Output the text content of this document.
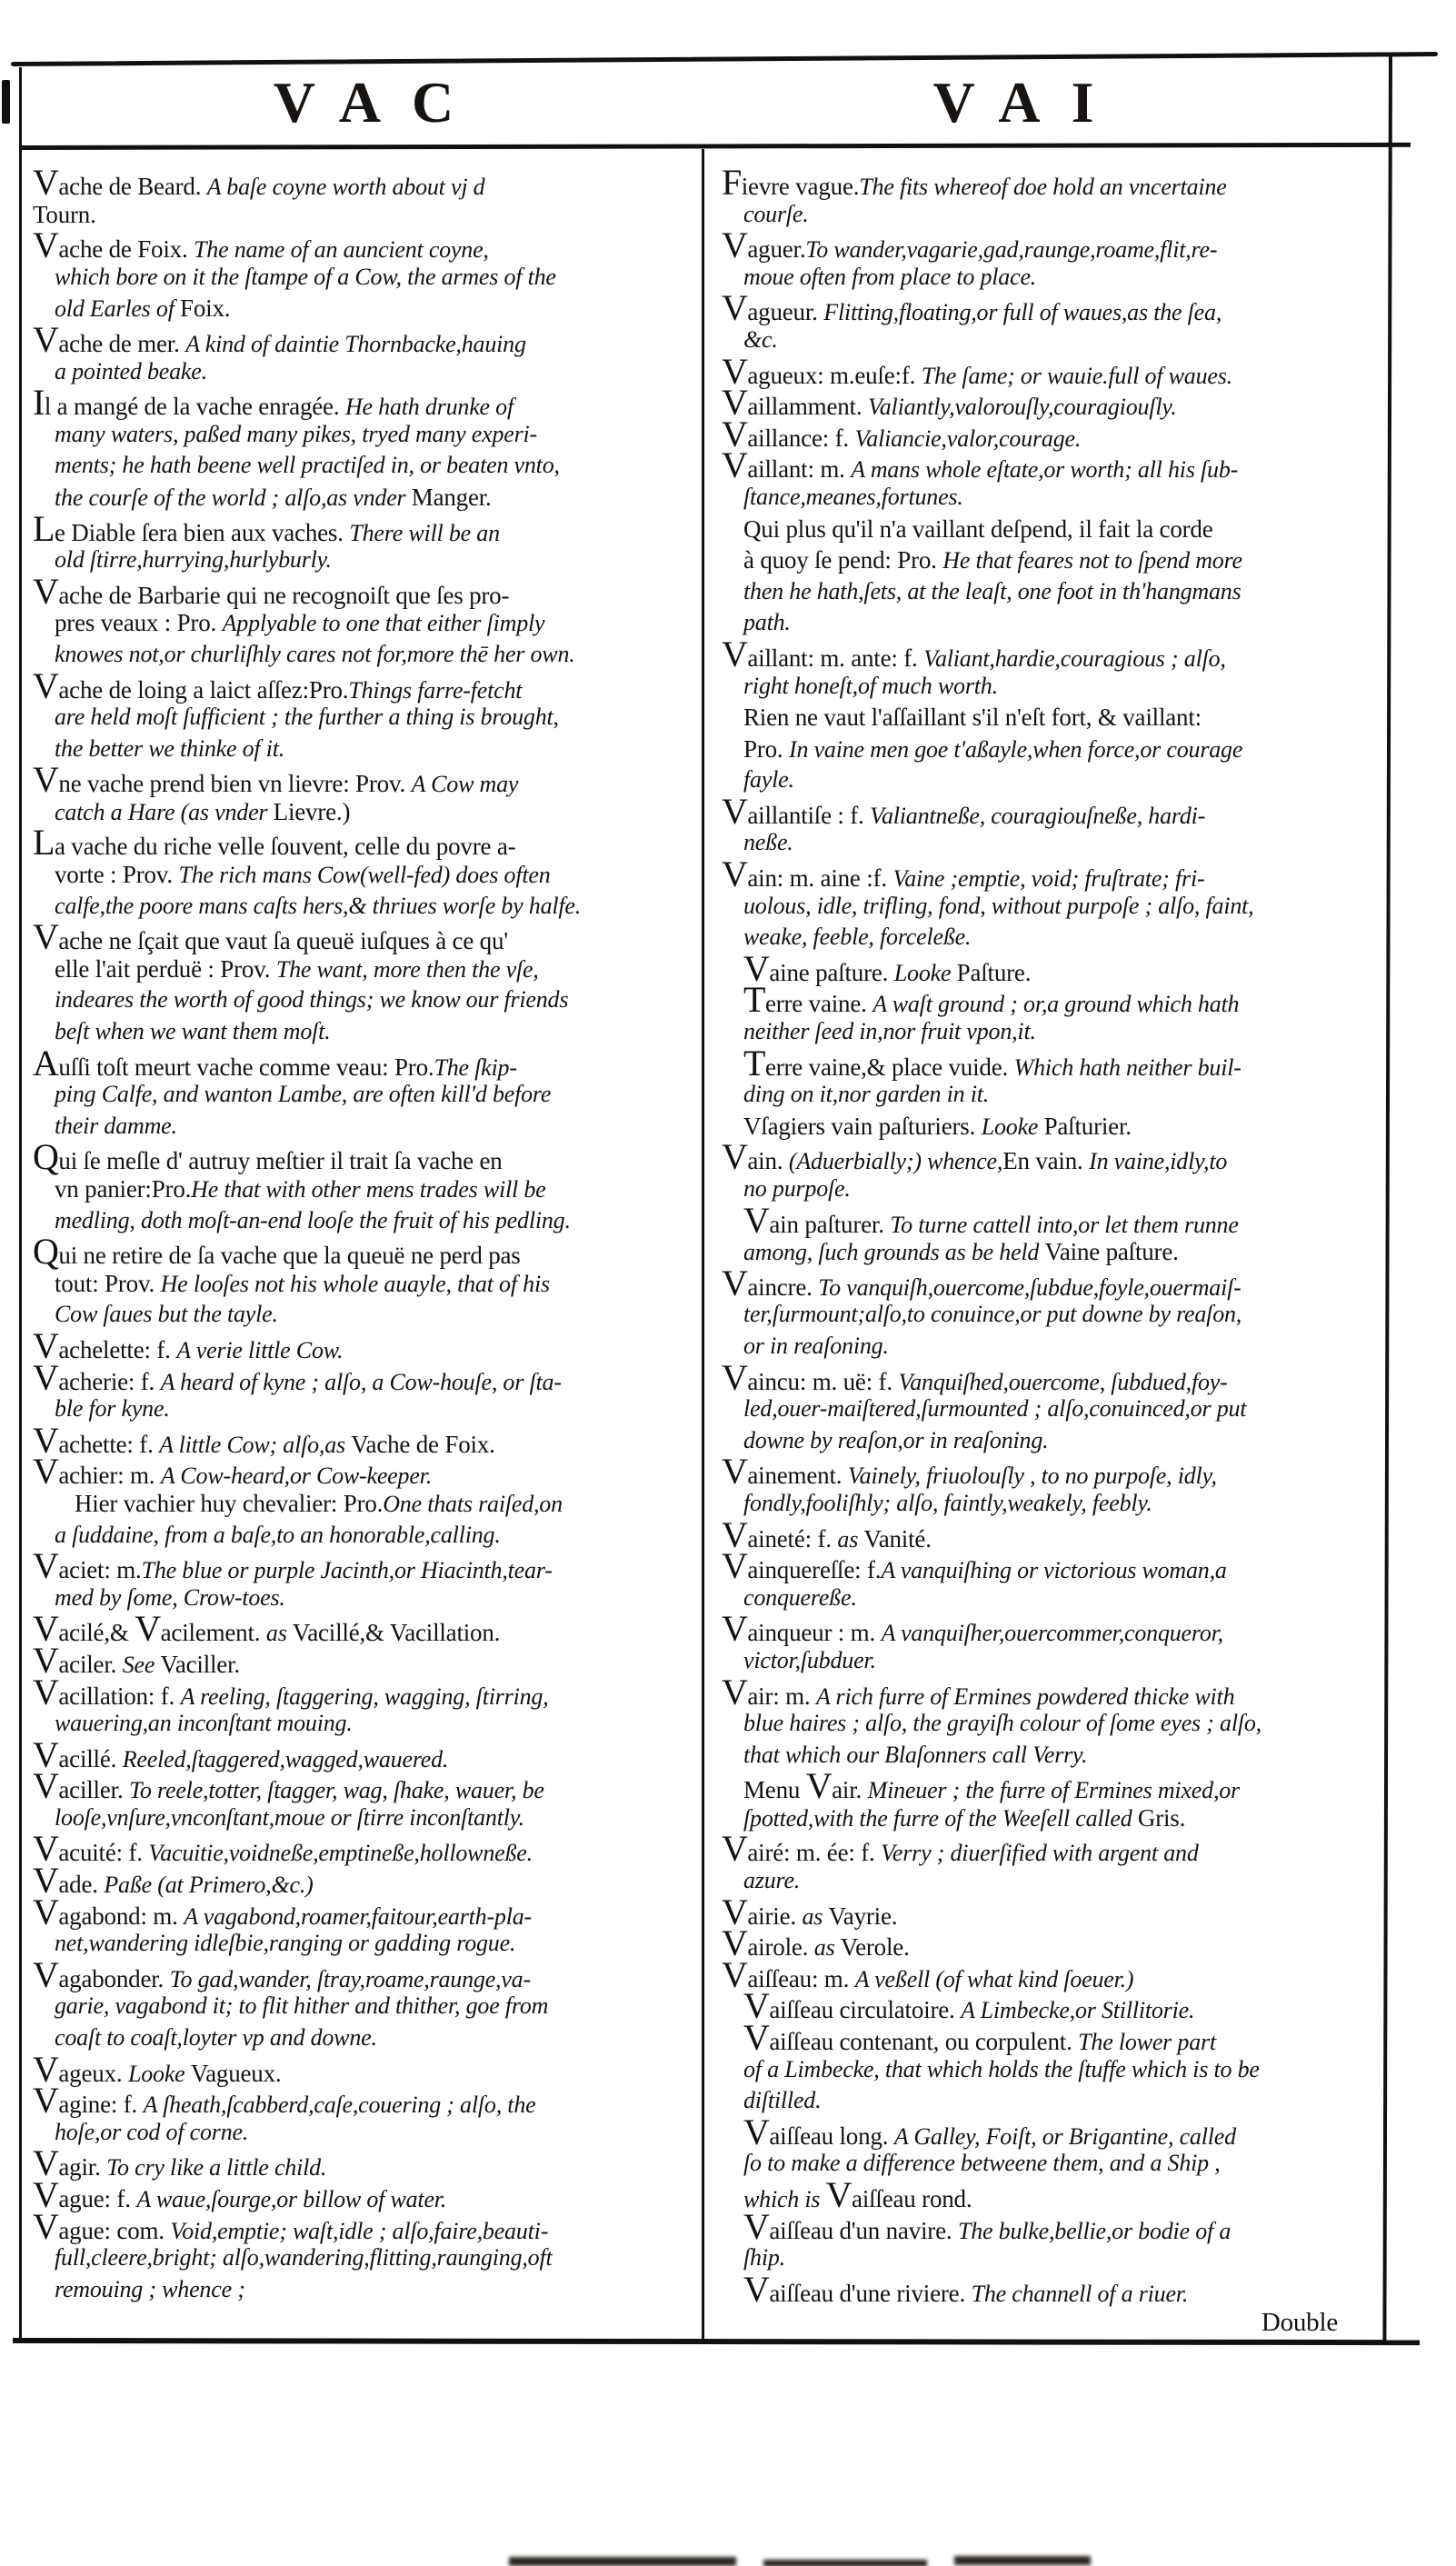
VAC	VAI
Vache de Beard. A baſe coyne worth about vj d
Tourn.
Vache de Foix. The name of an auncient coyne,
which bore on it the ſtampe of a Cow, the armes of the
old Earles of Foix.
Vache de mer. A kind of daintie Thornbacke,hauing
a pointed beake.
Il a mangé de la vache enragée. He hath drunke of
many waters, paßed many pikes, tryed many experi-
ments; he hath beene well practiſed in, or beaten vnto,
the courſe of the world ; alſo,as vnder Manger.
Le Diable ſera bien aux vaches. There will be an
old ſtirre,hurrying,hurlyburly.
Vache de Barbarie qui ne recognoiſt que ſes pro-
pres veaux : Pro. Applyable to one that either ſimply
knowes not,or churliſhly cares not for,more thē her own.
Vache de loing a laict aſſez:Pro.Things farre-fetcht
are held moſt ſufficient ; the further a thing is brought,
the better we thinke of it.
Vne vache prend bien vn lievre: Prov. A Cow may
catch a Hare (as vnder Lievre.)
La vache du riche velle ſouvent, celle du povre a-
vorte : Prov. The rich mans Cow(well-fed) does often
calfe,the poore mans caſts hers,& thriues worſe by halfe.
Vache ne ſçait que vaut ſa queuë iuſques à ce qu'
elle l'ait perduë : Prov. The want, more then the vſe,
indeares the worth of good things; we know our friends
beſt when we want them moſt.
Auſſi toſt meurt vache comme veau: Pro.The ſkip-
ping Calfe, and wanton Lambe, are often kill'd before
their damme.
Qui ſe meſle d' autruy meſtier il trait ſa vache en
vn panier:Pro.He that with other mens trades will be
medling, doth moſt-an-end looſe the fruit of his pedling.
Qui ne retire de ſa vache que la queuë ne perd pas
tout: Prov. He looſes not his whole auayle, that of his
Cow ſaues but the tayle.
Vachelette: f. A verie little Cow.
Vacherie: f. A heard of kyne ; alſo, a Cow-houſe, or ſta-
ble for kyne.
Vachette: f. A little Cow; alſo,as Vache de Foix.
Vachier: m. A Cow-heard,or Cow-keeper.
Hier vachier huy chevalier: Pro.One thats raiſed,on
a ſuddaine, from a baſe,to an honorable,calling.
Vaciet: m.The blue or purple Jacinth,or Hiacinth,tear-
med by ſome, Crow-toes.
Vacilé,& Vacilement. as Vacillé,& Vacillation.
Vaciler. See Vaciller.
Vacillation: f. A reeling, ſtaggering, wagging, ſtirring,
wauering,an inconſtant mouing.
Vacillé. Reeled,ſtaggered,wagged,wauered.
Vaciller. To reele,totter, ſtagger, wag, ſhake, wauer, be
looſe,vnſure,vnconſtant,moue or ſtirre inconſtantly.
Vacuité: f. Vacuitie,voidneße,emptineße,hollowneße.
Vade. Paße (at Primero,&c.)
Vagabond: m. A vagabond,roamer,faitour,earth-pla-
net,wandering idleſbie,ranging or gadding rogue.
Vagabonder. To gad,wander, ſtray,roame,raunge,va-
garie, vagabond it; to flit hither and thither, goe from
coaſt to coaſt,loyter vp and downe.
Vageux. Looke Vagueux.
Vagine: f. A ſheath,ſcabberd,caſe,couering ; alſo, the
hoſe,or cod of corne.
Vagir. To cry like a little child.
Vague: f. A waue,ſourge,or billow of water.
Vague: com. Void,emptie; waſt,idle ; alſo,faire,beauti-
full,cleere,bright; alſo,wandering,flitting,raunging,oft
remouing ; whence ;
Fievre vague.The fits whereof doe hold an vncertaine
courſe.
Vaguer.To wander,vagarie,gad,raunge,roame,flit,re-
moue often from place to place.
Vagueur. Flitting,floating,or full of waues,as the ſea,
&c.
Vagueux: m.euſe:f. The ſame; or wauie.full of waues.
Vaillamment. Valiantly,valorouſly,couragiouſly.
Vaillance: f. Valiancie,valor,courage.
Vaillant: m. A mans whole eſtate,or worth; all his ſub-
ſtance,meanes,fortunes.
Qui plus qu'il n'a vaillant deſpend, il fait la corde
à quoy ſe pend: Pro. He that feares not to ſpend more
then he hath,ſets, at the leaſt, one foot in th'hangmans
path.
Vaillant: m. ante: f. Valiant,hardie,couragious ; alſo,
right honeſt,of much worth.
Rien ne vaut l'aſſaillant s'il n'eſt fort, & vaillant:
Pro. In vaine men goe t'aßayle,when force,or courage
fayle.
Vaillantiſe : f. Valiantneße, couragiouſneße, hardi-
neße.
Vain: m. aine :f. Vaine ;emptie, void; fruſtrate; fri-
uolous, idle, trifling, fond, without purpoſe ; alſo, faint,
weake, feeble, forceleße.
Vaine paſture. Looke Paſture.
Terre vaine. A waſt ground ; or,a ground which hath
neither ſeed in,nor fruit vpon,it.
Terre vaine,& place vuide. Which hath neither buil-
ding on it,nor garden in it.
Vſagiers vain paſturiers. Looke Paſturier.
Vain. (Aduerbially;) whence,En vain. In vaine,idly,to
no purpoſe.
Vain paſturer. To turne cattell into,or let them runne
among, ſuch grounds as be held Vaine paſture.
Vaincre. To vanquiſh,ouercome,ſubdue,foyle,ouermaiſ-
ter,ſurmount;alſo,to conuince,or put downe by reaſon,
or in reaſoning.
Vaincu: m. uë: f. Vanquiſhed,ouercome, ſubdued,foy-
led,ouer-maiſtered,ſurmounted ; alſo,conuinced,or put
downe by reaſon,or in reaſoning.
Vainement. Vainely, friuolouſly , to no purpoſe, idly,
fondly,fooliſhly; alſo, faintly,weakely, feebly.
Vaineté: f. as Vanité.
Vainquereſſe: f.A vanquiſhing or victorious woman,a
conquereße.
Vainqueur : m. A vanquiſher,ouercommer,conqueror,
victor,ſubduer.
Vair: m. A rich furre of Ermines powdered thicke with
blue haires ; alſo, the grayiſh colour of ſome eyes ; alſo,
that which our Blaſonners call Verry.
Menu Vair. Mineuer ; the furre of Ermines mixed,or
ſpotted,with the furre of the Weeſell called Gris.
Vairé: m. ée: f. Verry ; diuerſified with argent and
azure.
Vairie. as Vayrie.
Vairole. as Verole.
Vaiſſeau: m. A veßell (of what kind ſoeuer.)
Vaiſſeau circulatoire. A Limbecke,or Stillitorie.
Vaiſſeau contenant, ou corpulent. The lower part
of a Limbecke, that which holds the ſtuffe which is to be
diſtilled.
Vaiſſeau long. A Galley, Foiſt, or Brigantine, called
ſo to make a difference betweene them, and a Ship ,
which is Vaiſſeau rond.
Vaiſſeau d'un navire. The bulke,bellie,or bodie of a
ſhip.
Vaiſſeau d'une riviere. The channell of a riuer.
Double
